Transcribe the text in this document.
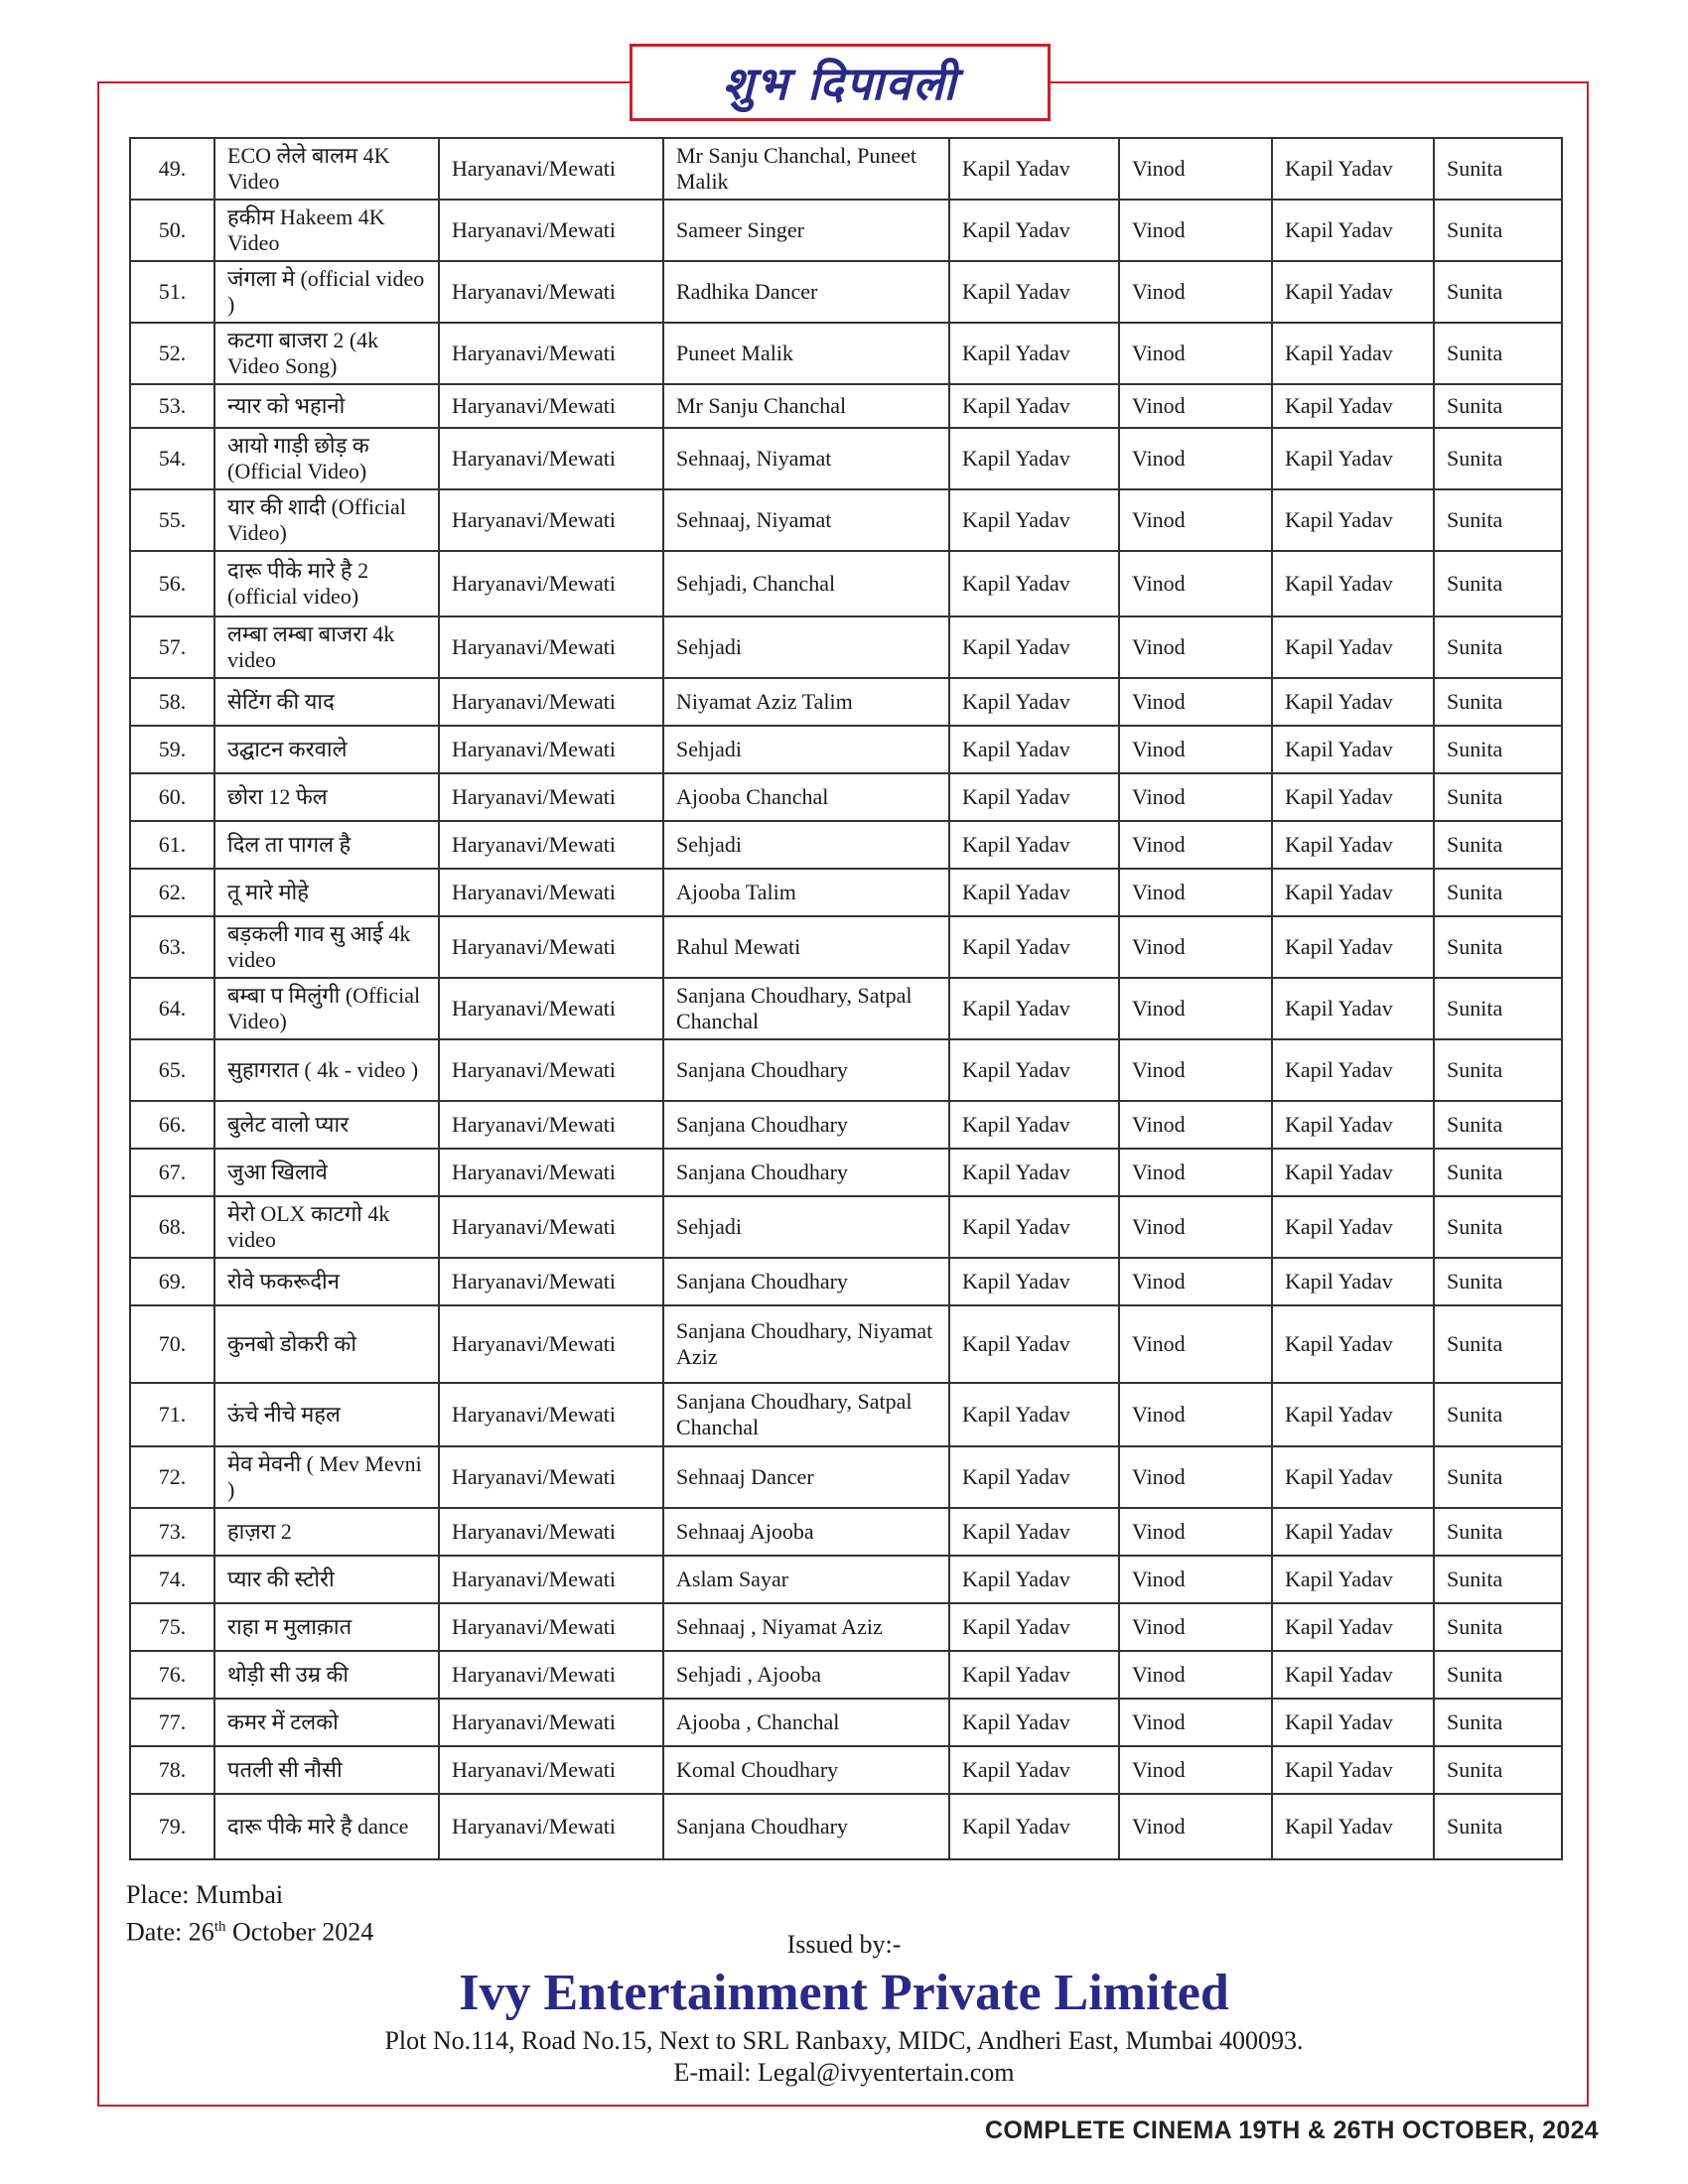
शुभ दिपावली
49.	ECO लेले बालम 4K Video	Haryanavi/Mewati	Mr Sanju Chanchal, Puneet Malik	Kapil Yadav	Vinod	Kapil Yadav	Sunita
50.	हकीम Hakeem 4K Video	Haryanavi/Mewati	Sameer Singer	Kapil Yadav	Vinod	Kapil Yadav	Sunita
51.	जंगला मे (official video )	Haryanavi/Mewati	Radhika Dancer	Kapil Yadav	Vinod	Kapil Yadav	Sunita
52.	कटगा बाजरा 2 (4k Video Song)	Haryanavi/Mewati	Puneet Malik	Kapil Yadav	Vinod	Kapil Yadav	Sunita
53.	न्यार को भहानो	Haryanavi/Mewati	Mr Sanju Chanchal	Kapil Yadav	Vinod	Kapil Yadav	Sunita
54.	आयो गाड़ी छोड़ क (Official Video)	Haryanavi/Mewati	Sehnaaj, Niyamat	Kapil Yadav	Vinod	Kapil Yadav	Sunita
55.	यार की शादी (Official Video)	Haryanavi/Mewati	Sehnaaj, Niyamat	Kapil Yadav	Vinod	Kapil Yadav	Sunita
56.	दारू पीके मारे है 2 (official video)	Haryanavi/Mewati	Sehjadi, Chanchal	Kapil Yadav	Vinod	Kapil Yadav	Sunita
57.	लम्बा लम्बा बाजरा 4k video	Haryanavi/Mewati	Sehjadi	Kapil Yadav	Vinod	Kapil Yadav	Sunita
58.	सेटिंग की याद	Haryanavi/Mewati	Niyamat Aziz Talim	Kapil Yadav	Vinod	Kapil Yadav	Sunita
59.	उद्घाटन करवाले	Haryanavi/Mewati	Sehjadi	Kapil Yadav	Vinod	Kapil Yadav	Sunita
60.	छोरा 12 फेल	Haryanavi/Mewati	Ajooba Chanchal	Kapil Yadav	Vinod	Kapil Yadav	Sunita
61.	दिल ता पागल है	Haryanavi/Mewati	Sehjadi	Kapil Yadav	Vinod	Kapil Yadav	Sunita
62.	तू मारे मोहे	Haryanavi/Mewati	Ajooba Talim	Kapil Yadav	Vinod	Kapil Yadav	Sunita
63.	बड़कली गाव सु आई 4k video	Haryanavi/Mewati	Rahul Mewati	Kapil Yadav	Vinod	Kapil Yadav	Sunita
64.	बम्बा प मिलुंगी (Official Video)	Haryanavi/Mewati	Sanjana Choudhary, Satpal Chanchal	Kapil Yadav	Vinod	Kapil Yadav	Sunita
65.	सुहागरात ( 4k - video )	Haryanavi/Mewati	Sanjana Choudhary	Kapil Yadav	Vinod	Kapil Yadav	Sunita
66.	बुलेट वालो प्यार	Haryanavi/Mewati	Sanjana Choudhary	Kapil Yadav	Vinod	Kapil Yadav	Sunita
67.	जुआ खिलावे	Haryanavi/Mewati	Sanjana Choudhary	Kapil Yadav	Vinod	Kapil Yadav	Sunita
68.	मेरो OLX काटगो 4k video	Haryanavi/Mewati	Sehjadi	Kapil Yadav	Vinod	Kapil Yadav	Sunita
69.	रोवे फकरूदीन	Haryanavi/Mewati	Sanjana Choudhary	Kapil Yadav	Vinod	Kapil Yadav	Sunita
70.	कुनबो डोकरी को	Haryanavi/Mewati	Sanjana Choudhary, Niyamat Aziz	Kapil Yadav	Vinod	Kapil Yadav	Sunita
71.	ऊंचे नीचे महल	Haryanavi/Mewati	Sanjana Choudhary, Satpal Chanchal	Kapil Yadav	Vinod	Kapil Yadav	Sunita
72.	मेव मेवनी ( Mev Mevni )	Haryanavi/Mewati	Sehnaaj Dancer	Kapil Yadav	Vinod	Kapil Yadav	Sunita
73.	हाज़रा 2	Haryanavi/Mewati	Sehnaaj Ajooba	Kapil Yadav	Vinod	Kapil Yadav	Sunita
74.	प्यार की स्टोरी	Haryanavi/Mewati	Aslam Sayar	Kapil Yadav	Vinod	Kapil Yadav	Sunita
75.	राहा म मुलाक़ात	Haryanavi/Mewati	Sehnaaj , Niyamat Aziz	Kapil Yadav	Vinod	Kapil Yadav	Sunita
76.	थोड़ी सी उम्र की	Haryanavi/Mewati	Sehjadi , Ajooba	Kapil Yadav	Vinod	Kapil Yadav	Sunita
77.	कमर में टलको	Haryanavi/Mewati	Ajooba , Chanchal	Kapil Yadav	Vinod	Kapil Yadav	Sunita
78.	पतली सी नौसी	Haryanavi/Mewati	Komal Choudhary	Kapil Yadav	Vinod	Kapil Yadav	Sunita
79.	दारू पीके मारे है dance	Haryanavi/Mewati	Sanjana Choudhary	Kapil Yadav	Vinod	Kapil Yadav	Sunita
Place: Mumbai
Date: 26th October 2024	Issued by:-
Ivy Entertainment Private Limited
Plot No.114, Road No.15, Next to SRL Ranbaxy, MIDC, Andheri East, Mumbai 400093.
E-mail: Legal@ivyentertain.com
COMPLETE CINEMA 19TH & 26TH OCTOBER, 2024
